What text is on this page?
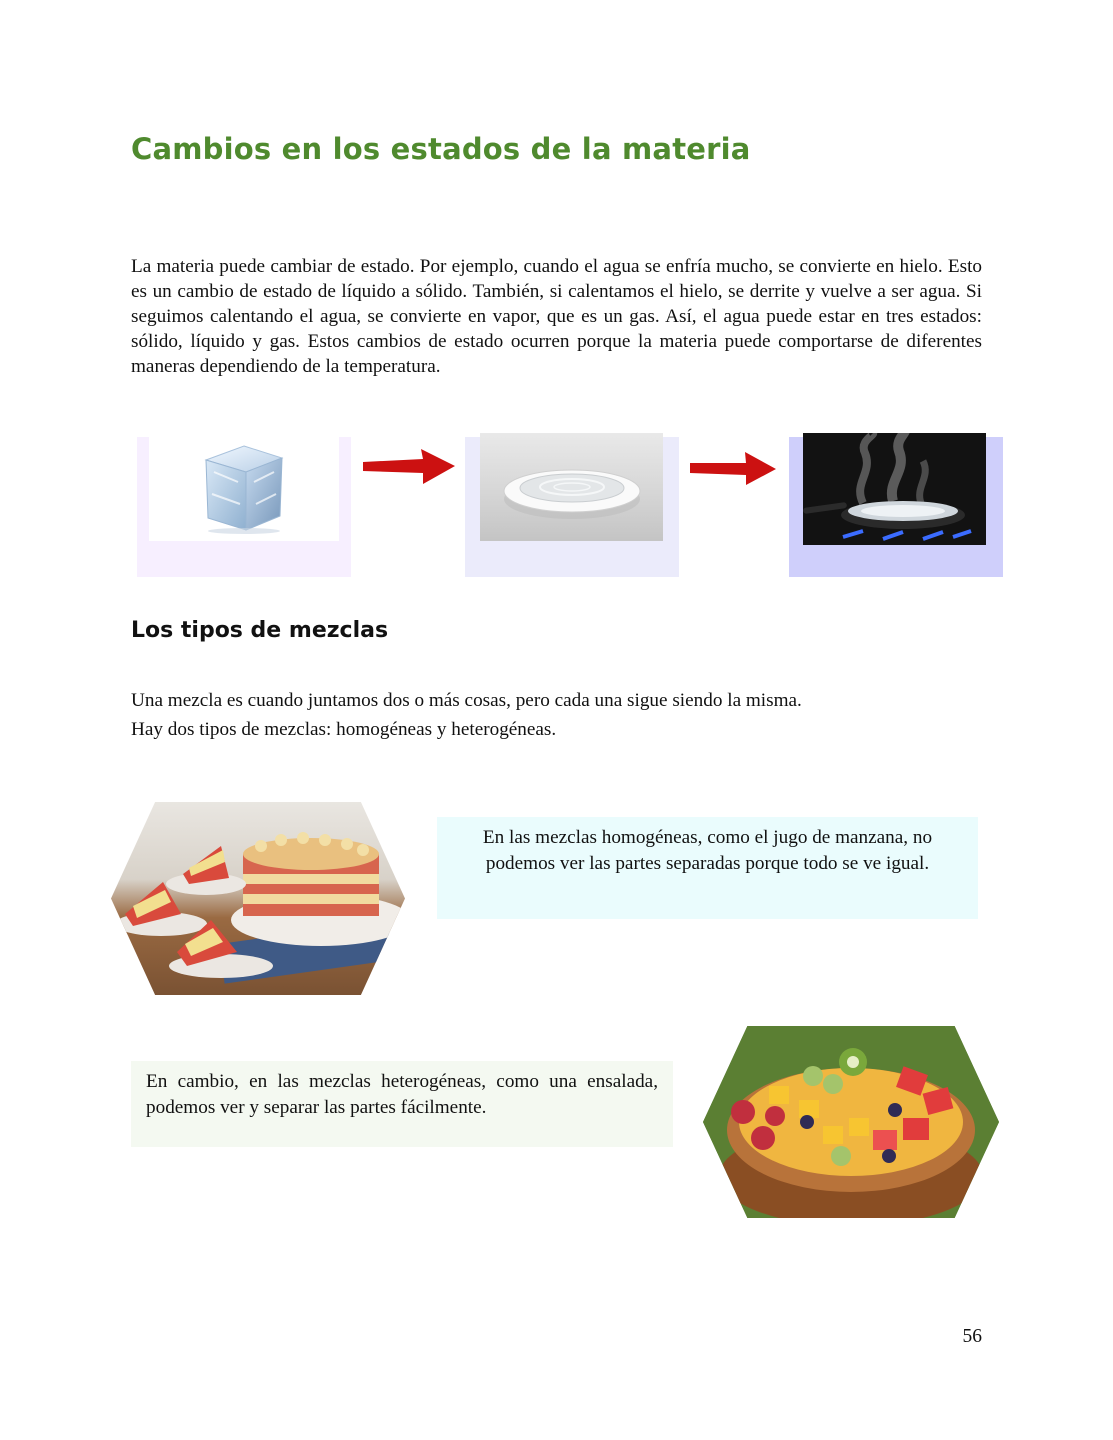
Cambios en los estados de la materia

La materia puede cambiar de estado. Por ejemplo, cuando el agua se enfría mucho, se convierte en hielo. Esto es un cambio de estado de líquido a sólido. También, si calentamos el hielo, se derrite y vuelve a ser agua. Si seguimos calentando el agua, se convierte en vapor, que es un gas. Así, el agua puede estar en tres estados: sólido, líquido y gas. Estos cambios de estado ocurren porque la materia puede comportarse de diferentes maneras dependiendo de la temperatura.

Los tipos de mezclas

Una mezcla es cuando juntamos dos o más cosas, pero cada una sigue siendo la misma.

Hay dos tipos de mezclas: homogéneas y heterogéneas.

En las mezclas homogéneas, como el jugo de manzana, no podemos ver las partes separadas porque todo se ve igual.

En cambio, en las mezclas heterogéneas, como una ensalada, podemos ver y separar las partes fácilmente.

56
